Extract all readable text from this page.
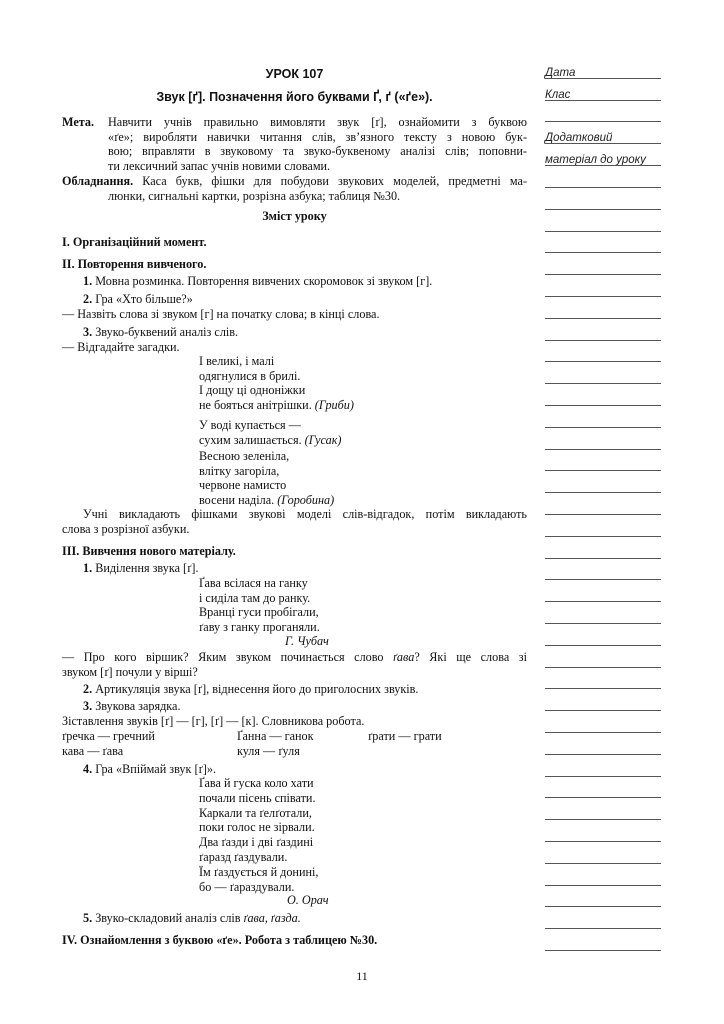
УРОК 107
Звук [ґ]. Позначення його буквами Ґ, ґ («ґе»).
Мета. Навчити учнів правильно вимовляти звук [ґ], ознайомити з буквою
«ґе»; виробляти навички читання слів, зв’язного тексту з новою бук-
вою; вправляти в звуковому та звуко-буквеному аналізі слів; поповни-
ти лексичний запас учнів новими словами.
Обладнання. Каса букв, фішки для побудови звукових моделей, предметні ма-
люнки, сигнальні картки, розрізна азбука; таблиця №30.
Зміст уроку
I. Організаційний момент.
II. Повторення вивченого.
1. Мовна розминка. Повторення вивчених скоромовок зі звуком [г].
2. Гра «Хто більше?»
— Назвіть слова зі звуком [г] на початку слова; в кінці слова.
3. Звуко-буквений аналіз слів.
— Відгадайте загадки.
І великі, і малі
одягнулися в брилі.
І дощу ці одноніжки
не бояться анітрішки. (Гриби)
У воді купається —
сухим залишається. (Гусак)
Весною зеленіла,
влітку загоріла,
червоне намисто
восени наділа. (Горобина)
Учні викладають фішками звукові моделі слів-відгадок, потім викладають
слова з розрізної азбуки.
III. Вивчення нового матеріалу.
1. Виділення звука [ґ].
Ґава всілася на ганку
і сиділа там до ранку.
Вранці гуси пробігали,
ґаву з ганку проганяли.
Г. Чубач
— Про кого віршик? Яким звуком починається слово ґава? Які ще слова зі
звуком [ґ] почули у вірші?
2. Артикуляція звука [ґ], віднесення його до приголосних звуків.
3. Звукова зарядка.
Зіставлення звуків [ґ] — [г], [ґ] — [к]. Словникова робота.
ґречка — гречний	Ґанна — ганок	ґрати — грати
кава — ґава	куля — ґуля
4. Гра «Впіймай звук [ґ]».
Ґава й гуска коло хати
почали пісень співати.
Каркали та ґелґотали,
поки голос не зірвали.
Два ґазди і дві ґаздині
ґаразд ґаздували.
Їм ґаздується й донині,
бо — ґараздували.
О. Орач
5. Звуко-складовий аналіз слів ґава, ґазда.
IV. Ознайомлення з буквою «ґе». Робота з таблицею №30.
Дата
Клас
Додатковий
матеріал до уроку
11
